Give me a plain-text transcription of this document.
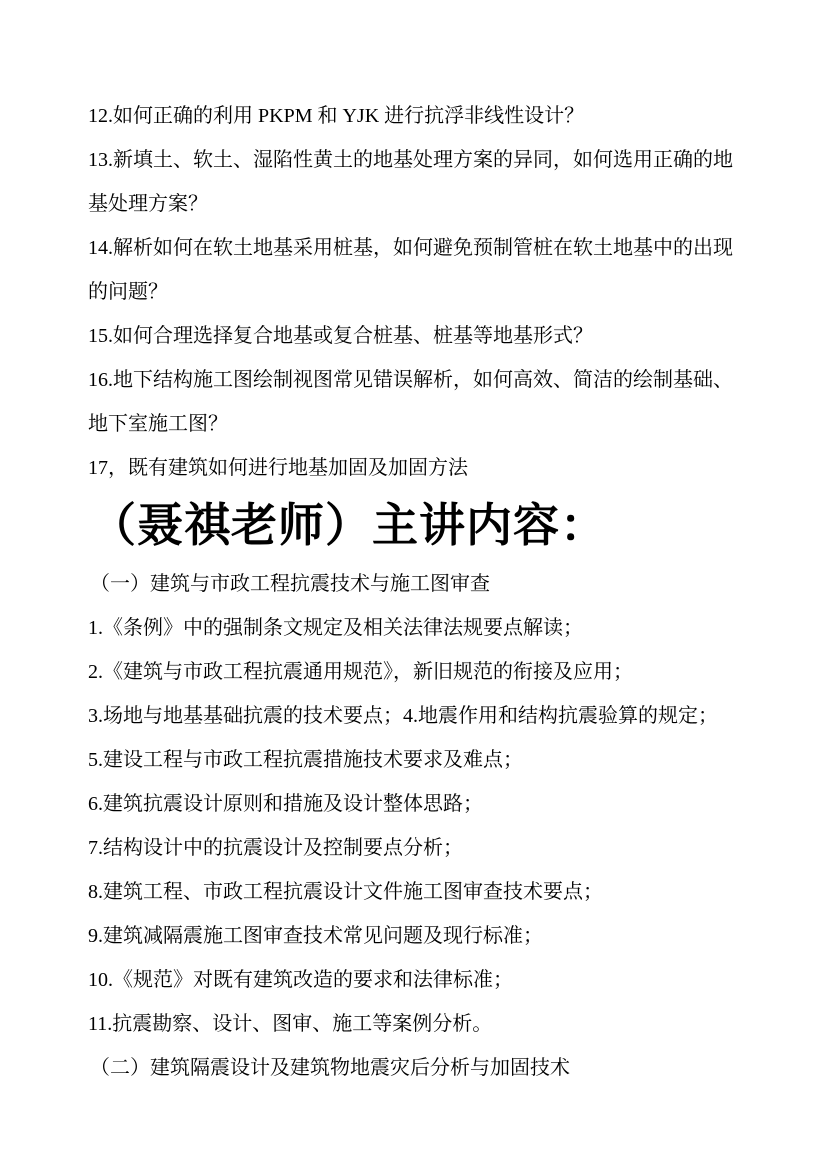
12.如何正确的利用 PKPM 和 YJK 进行抗浮非线性设计？

13.新填土、软土、湿陷性黄土的地基处理方案的异同，如何选用正确的地基处理方案？

14.解析如何在软土地基采用桩基，如何避免预制管桩在软土地基中的出现的问题？

15.如何合理选择复合地基或复合桩基、桩基等地基形式？

16.地下结构施工图绘制视图常见错误解析，如何高效、简洁的绘制基础、地下室施工图？

17，既有建筑如何进行地基加固及加固方法

（聂祺老师）主讲内容：

（一）建筑与市政工程抗震技术与施工图审查

1.《条例》中的强制条文规定及相关法律法规要点解读；

2.《建筑与市政工程抗震通用规范》，新旧规范的衔接及应用；

3.场地与地基基础抗震的技术要点；4.地震作用和结构抗震验算的规定；

5.建设工程与市政工程抗震措施技术要求及难点；

6.建筑抗震设计原则和措施及设计整体思路；

7.结构设计中的抗震设计及控制要点分析；

8.建筑工程、市政工程抗震设计文件施工图审查技术要点；

9.建筑减隔震施工图审查技术常见问题及现行标准；

10.《规范》对既有建筑改造的要求和法律标准；

11.抗震勘察、设计、图审、施工等案例分析。

（二）建筑隔震设计及建筑物地震灾后分析与加固技术
